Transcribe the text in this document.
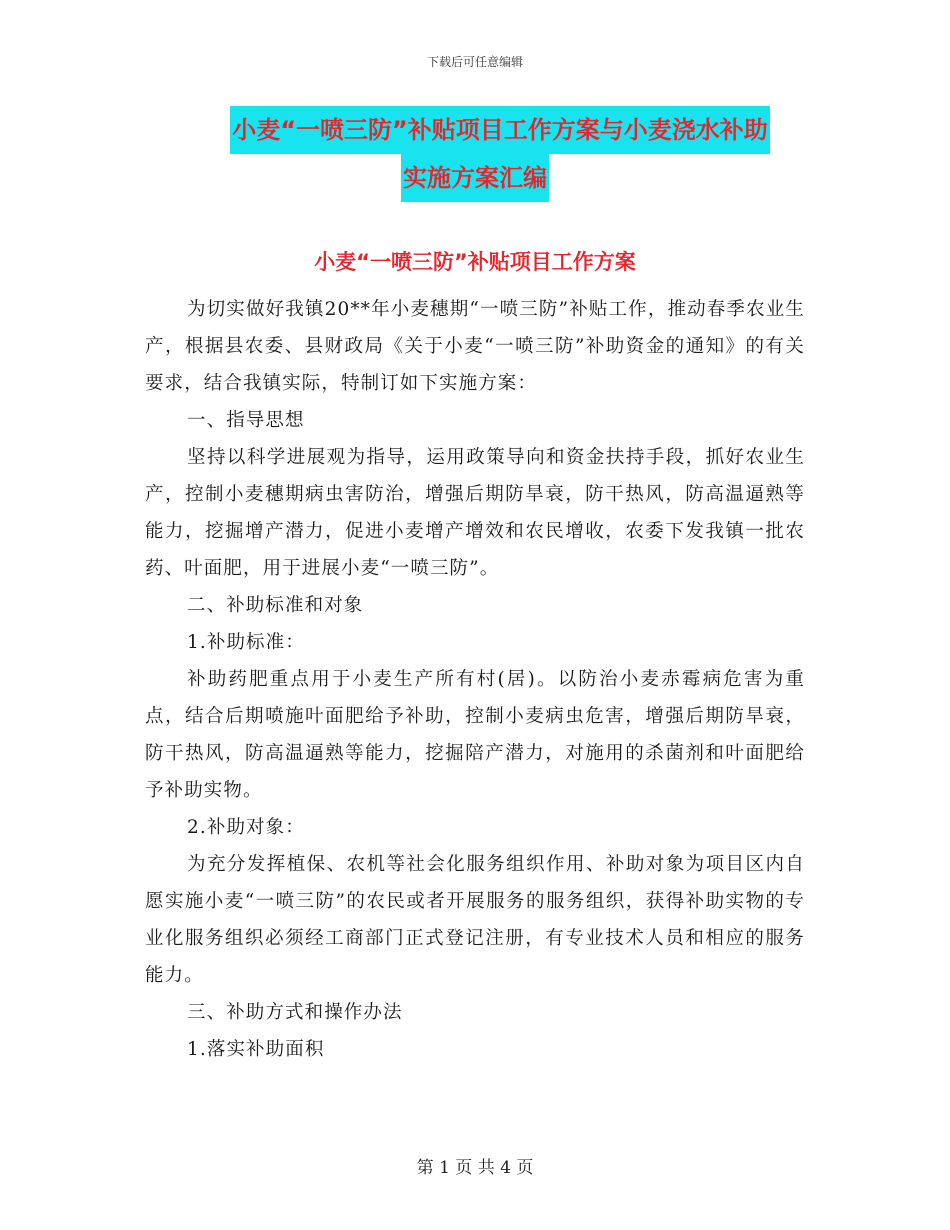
下载后可任意编辑
小麦“一喷三防”补贴项目工作方案与小麦浇水补助
实施方案汇编
小麦“一喷三防”补贴项目工作方案

为切实做好我镇20**年小麦穗期“一喷三防”补贴工作，推动春季农业生产，根据县农委、县财政局《关于小麦“一喷三防”补助资金的通知》的有关要求，结合我镇实际，特制订如下实施方案：

一、指导思想

坚持以科学进展观为指导，运用政策导向和资金扶持手段，抓好农业生产，控制小麦穗期病虫害防治，增强后期防旱衰，防干热风，防高温逼熟等能力，挖掘增产潜力，促进小麦增产增效和农民增收，农委下发我镇一批农药、叶面肥，用于进展小麦“一喷三防”。

二、补助标准和对象

1.补助标准：

补助药肥重点用于小麦生产所有村(居)。以防治小麦赤霉病危害为重点，结合后期喷施叶面肥给予补助，控制小麦病虫危害，增强后期防旱衰，防干热风，防高温逼熟等能力，挖掘陪产潜力，对施用的杀菌剂和叶面肥给予补助实物。

2.补助对象：

为充分发挥植保、农机等社会化服务组织作用、补助对象为项目区内自愿实施小麦“一喷三防”的农民或者开展服务的服务组织，获得补助实物的专业化服务组织必须经工商部门正式登记注册，有专业技术人员和相应的服务能力。

三、补助方式和操作办法

1.落实补助面积

第 1 页 共 4 页
